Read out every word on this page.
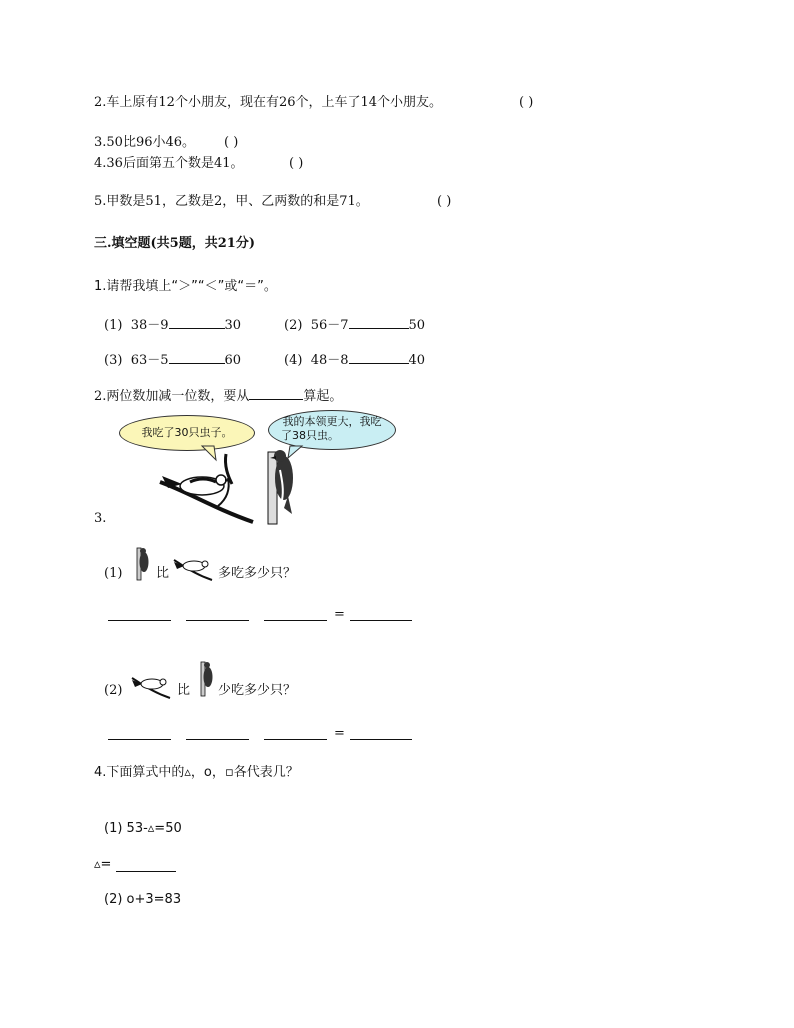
2.车上原有12个小朋友，现在有26个，上车了14个小朋友。	( )
3.50比96小46。 ( )
4.36后面第五个数是41。	( )
5.甲数是51，乙数是2，甲、乙两数的和是71。	( )
三.填空题(共5题，共21分)
1.请帮我填上“＞”“＜”或“＝”。
(1) 38－9	30	(2) 56－7	50
(3) 63－5	60	(4) 48－8	40
2.两位数加减一位数，要从	算起。
我吃了30只虫子。
我的本领更大，我吃
了38只虫。
3.
(1)	比	多吃多少只？
=
(2)	比 少吃多少只？
=
4.下面算式中的▵，o，▫各代表几？
(1) 53-▵=50
▵=
(2) o+3=83
